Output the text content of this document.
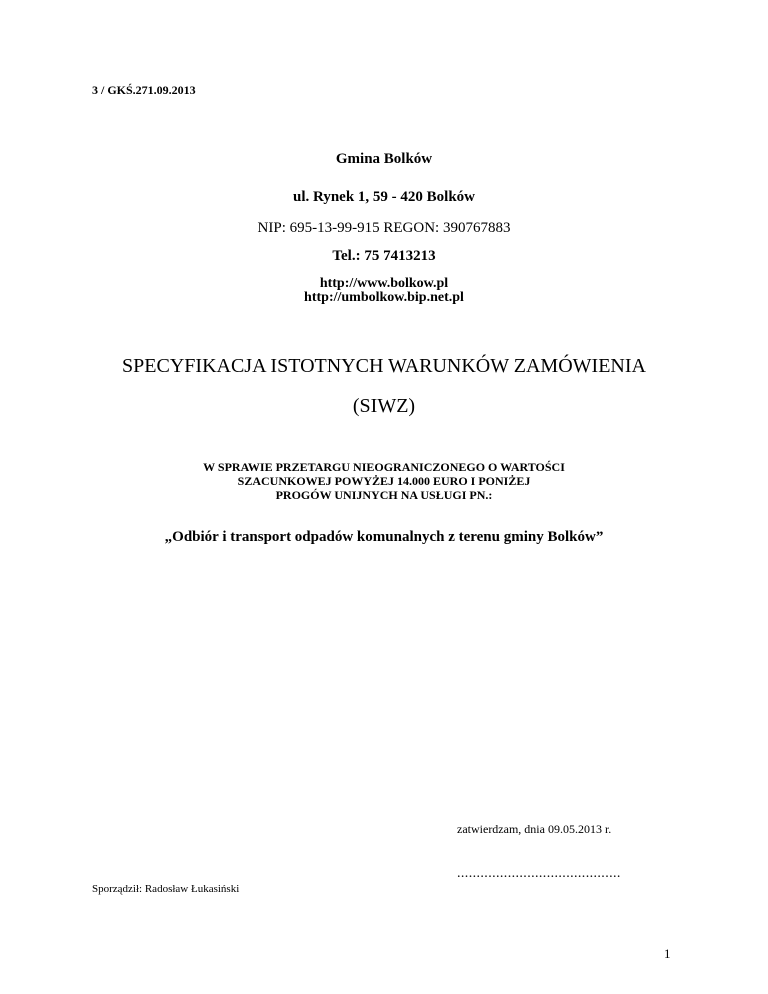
3 / GKŚ.271.09.2013
Gmina Bolków
ul. Rynek 1, 59 - 420 Bolków
NIP: 695-13-99-915 REGON: 390767883
Tel.: 75 7413213
http://www.bolkow.pl
http://umbolkow.bip.net.pl
SPECYFIKACJA ISTOTNYCH WARUNKÓW ZAMÓWIENIA
(SIWZ)
W SPRAWIE PRZETARGU NIEOGRANICZONEGO O WARTOŚCI
SZACUNKOWEJ POWYŻEJ 14.000 EURO I PONIŻEJ
PROGÓW UNIJNYCH NA USŁUGI PN.:
„Odbiór i transport odpadów komunalnych z terenu gminy Bolków”
zatwierdzam, dnia 09.05.2013 r.
..........................................
Sporządził: Radosław Łukasiński
1
